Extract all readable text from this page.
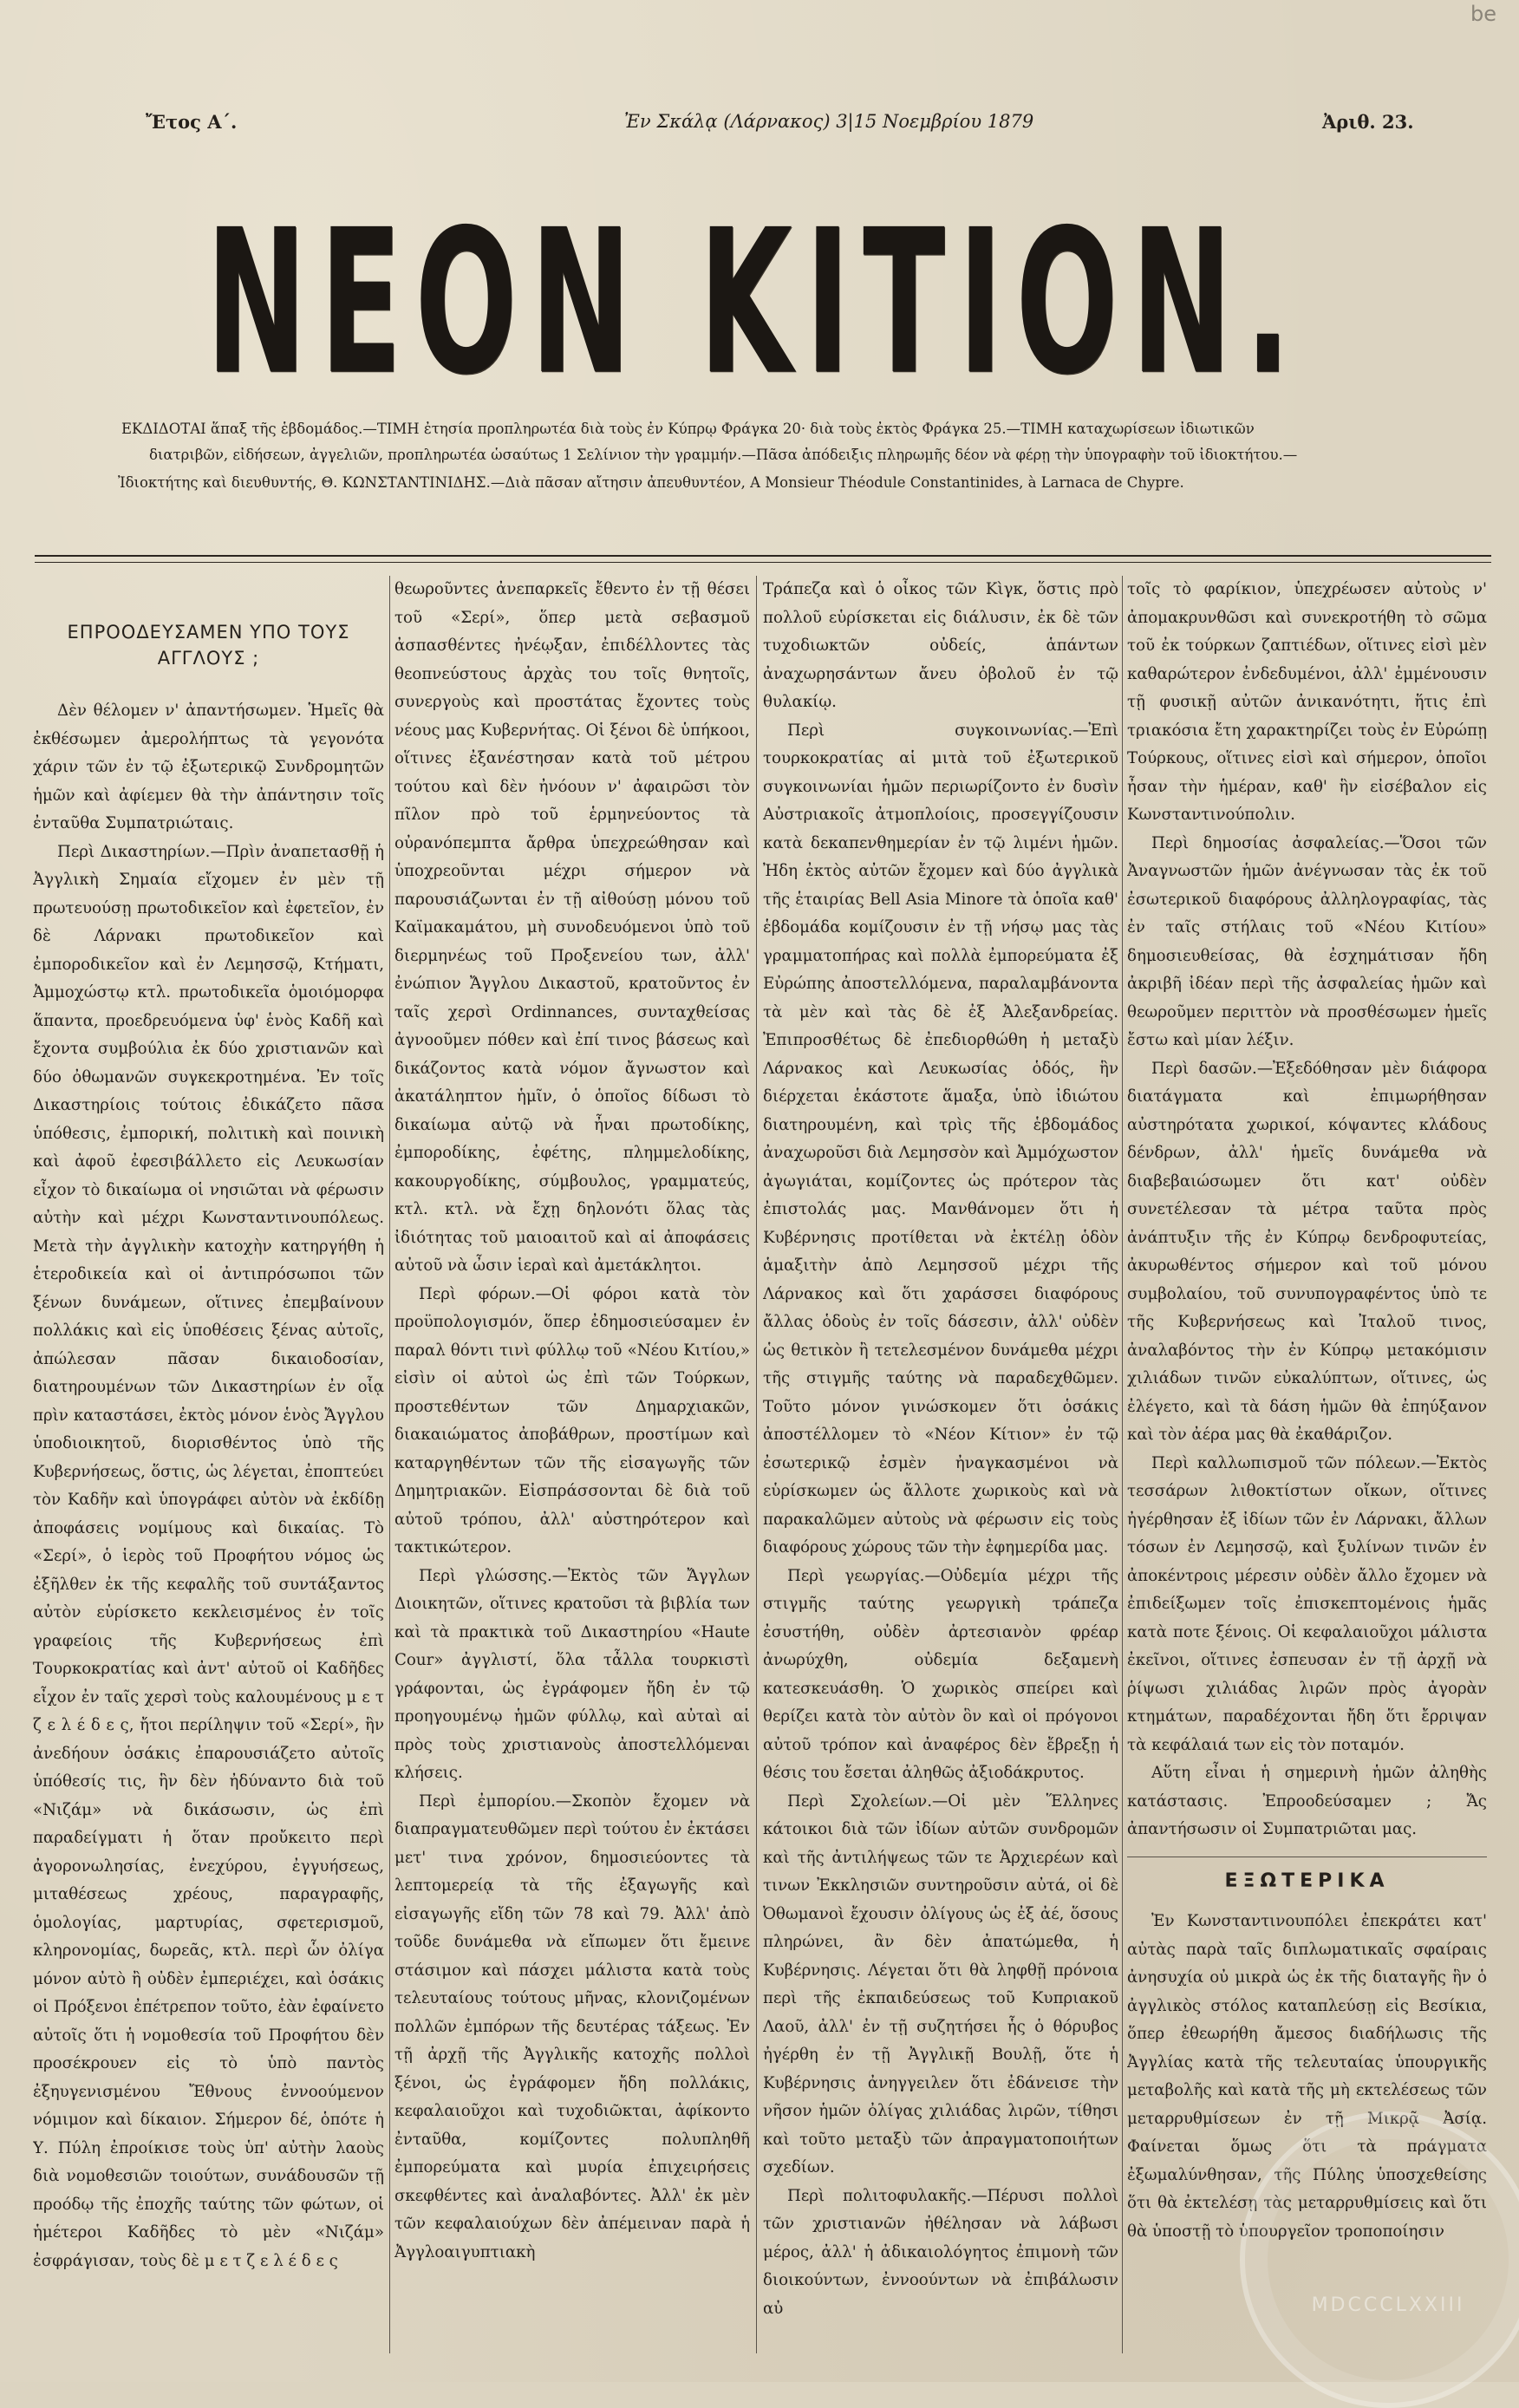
be
Ἔτος Α΄.	Ἐν Σκάλᾳ (Λάρνακος) 3|15 Νοεμβρίου 1879	Ἀριθ. 23.
ΝΕΟΝ ΚΙΤΙΟΝ.
ΕΚΔΙΔΟΤΑΙ ἅπαξ τῆς ἑβδομάδος.—ΤΙΜΗ ἐτησία προπληρωτέα διὰ τοὺς ἐν Κύπρῳ Φράγκα 20· διὰ τοὺς ἐκτὸς Φράγκα 25.—ΤΙΜΗ καταχωρίσεων ἰδιωτικῶν
διατριβῶν, εἰδήσεων, ἀγγελιῶν, προπληρωτέα ὡσαύτως 1 Σελίνιον τὴν γραμμήν.—Πᾶσα ἀπόδειξις πληρωμῆς δέον νὰ φέρῃ τὴν ὑπογραφὴν τοῦ ἰδιοκτήτου.—
Ἰδιοκτήτης καὶ διευθυντής, Θ. ΚΩΝΣΤΑΝΤΙΝΙΔΗΣ.—Διὰ πᾶσαν αἴτησιν ἀπευθυντέον, A Monsieur Théodule Constantinides, à Larnaca de Chypre.
ΕΠΡΟΟΔΕΥΣΑΜΕΝ ΥΠΟ ΤΟΥΣ ΑΓΓΛΟΥΣ ;

Δὲν θέλομεν ν' ἀπαντήσωμεν. Ἡμεῖς θὰ ἐκθέσωμεν ἀμερολήπτως τὰ γεγονότα χάριν τῶν ἐν τῷ ἐξωτερικῷ Συνδρομητῶν ἡμῶν καὶ ἀφίεμεν θὰ τὴν ἀπάντησιν τοῖς ἐνταῦθα Συμπατριώταις.

Περὶ Δικαστηρίων.—Πρὶν ἀναπετασθῇ ἡ Ἀγγλικὴ Σημαία εἴχομεν ἐν μὲν τῇ πρωτευούσῃ πρωτοδικεῖον καὶ ἐφετεῖον, ἐν δὲ Λάρνακι πρωτοδικεῖον καὶ ἐμποροδικεῖον καὶ ἐν Λεμησσῷ, Κτήματι, Ἀμμοχώστῳ κτλ. πρωτοδικεῖα ὁμοιόμορφα ἅπαντα, προεδρευόμενα ὑφ' ἑνὸς Καδῆ καὶ ἔχοντα συμβούλια ἐκ δύο χριστιανῶν καὶ δύο ὀθωμανῶν συγκεκροτημένα. Ἐν τοῖς Δικαστηρίοις τούτοις ἐδικάζετο πᾶσα ὑπόθεσις, ἐμπορική, πολιτικὴ καὶ ποινικὴ καὶ ἀφοῦ ἐφεσιβάλλετο εἰς Λευκωσίαν εἶχον τὸ δικαίωμα οἱ νησιῶται νὰ φέρωσιν αὐτὴν καὶ μέχρι Κωνσταντινουπόλεως. Μετὰ τὴν ἀγγλικὴν κατοχὴν κατηργήθη ἡ ἑτεροδικεία καὶ οἱ ἀντιπρόσωποι τῶν ξένων δυνάμεων, οἵτινες ἐπεμβαίνουν πολλάκις καὶ εἰς ὑποθέσεις ξένας αὐτοῖς, ἀπώλεσαν πᾶσαν δικαιοδοσίαν, διατηρουμένων τῶν Δικαστηρίων ἐν οἷᾳ πρὶν καταστάσει, ἐκτὸς μόνον ἑνὸς Ἄγγλου ὑποδιοικητοῦ, διορισθέντος ὑπὸ τῆς Κυβερνήσεως, ὅστις, ὡς λέγεται, ἐποπτεύει τὸν Καδῆν καὶ ὑπογράφει αὐτὸν νὰ ἐκδίδῃ ἀποφάσεις νομίμους καὶ δικαίας. Τὸ «Σερί», ὁ ἱερὸς τοῦ Προφήτου νόμος ὡς ἐξῆλθεν ἐκ τῆς κεφαλῆς τοῦ συντάξαντος αὐτὸν εὑρίσκετο κεκλεισμένος ἐν τοῖς γραφείοις τῆς Κυβερνήσεως ἐπὶ Τουρκοκρατίας καὶ ἀντ' αὐτοῦ οἱ Καδῆδες εἶχον ἐν ταῖς χερσὶ τοὺς καλουμένους μ ε τ ζ ε λ έ δ ε ς, ἤτοι περίληψιν τοῦ «Σερί», ἣν ἀνεδήουν ὁσάκις ἐπαρουσιάζετο αὐτοῖς ὑπόθεσίς τις, ἣν δὲν ἠδύναντο διὰ τοῦ «Νιζάμ» νὰ δικάσωσιν, ὡς ἐπὶ παραδείγματι ἡ ὅταν προὔκειτο περὶ ἀγορονωλησίας, ἐνεχύρου, ἐγγυήσεως, μιταθέσεως χρέους, παραγραφῆς, ὁμολογίας, μαρτυρίας, σφετερισμοῦ, κληρονομίας, δωρεᾶς, κτλ. περὶ ὧν ὀλίγα μόνον αὐτὸ ἢ οὐδὲν ἐμπεριέχει, καὶ ὁσάκις οἱ Πρόξενοι ἐπέτρεπον τοῦτο, ἐὰν ἐφαίνετο αὐτοῖς ὅτι ἡ νομοθεσία τοῦ Προφήτου δὲν προσέκρουεν εἰς τὸ ὑπὸ παντὸς ἐξηυγενισμένου Ἔθνους ἐννοούμενον νόμιμον καὶ δίκαιον. Σήμερον δέ, ὁπότε ἡ Υ. Πύλη ἐπροίκισε τοὺς ὑπ' αὐτὴν λαοὺς διὰ νομοθεσιῶν τοιούτων, συνάδουσῶν τῇ προόδῳ τῆς ἐποχῆς ταύτης τῶν φώτων, οἱ ἡμέτεροι Καδῆδες τὸ μὲν «Νιζάμ» ἐσφράγισαν, τοὺς δὲ μ ε τ ζ ε λ έ δ ε ς

θεωροῦντες ἀνεπαρκεῖς ἔθεντο ἐν τῇ θέσει τοῦ «Σερί», ὅπερ μετὰ σεβασμοῦ ἀσπασθέντες ἠνέῳξαν, ἐπιδέλλοντες τὰς θεοπνεύστους ἀρχὰς του τοῖς θνητοῖς, συνεργοὺς καὶ προστάτας ἔχοντες τοὺς νέους μας Κυβερνήτας. Οἱ ξένοι δὲ ὑπήκοοι, οἵτινες ἐξανέστησαν κατὰ τοῦ μέτρου τούτου καὶ δὲν ἠνόουν ν' ἀφαιρῶσι τὸν πῖλον πρὸ τοῦ ἑρμηνεύοντος τὰ οὐρανόπεμπτα ἄρθρα ὑπεχρεώθησαν καὶ ὑποχρεοῦνται μέχρι σήμερον νὰ παρουσιάζωνται ἐν τῇ αἰθούσῃ μόνου τοῦ Καϊμακαμάτου, μὴ συνοδευόμενοι ὑπὸ τοῦ διερμηνέως τοῦ Προξενείου των, ἀλλ' ἐνώπιον Ἄγγλου Δικαστοῦ, κρατοῦντος ἐν ταῖς χερσὶ Ordinnances, συνταχθείσας ἀγνοοῦμεν πόθεν καὶ ἐπί τινος βάσεως καὶ δικάζοντος κατὰ νόμον ἄγνωστον καὶ ἀκατάληπτον ἡμῖν, ὁ ὁποῖος δίδωσι τὸ δικαίωμα αὐτῷ νὰ ἦναι πρωτοδίκης, ἐμποροδίκης, ἐφέτης, πλημμελοδίκης, κακουργοδίκης, σύμβουλος, γραμματεύς, κτλ. κτλ. νὰ ἔχῃ δηλονότι ὅλας τὰς ἰδιότητας τοῦ μαιοαιτοῦ καὶ αἱ ἀποφάσεις αὐτοῦ νὰ ὦσιν ἱεραὶ καὶ ἀμετάκλητοι.

Περὶ φόρων.—Οἱ φόροι κατὰ τὸν προϋπολογισμόν, ὅπερ ἐδημοσιεύσαμεν ἐν παραλ θόντι τινὶ φύλλῳ τοῦ «Νέου Κιτίου,» εἰσὶν οἱ αὐτοὶ ὡς ἐπὶ τῶν Τούρκων, προστεθέντων τῶν Δημαρχιακῶν, διακαιώματος ἀποβάθρων, προστίμων καὶ καταργηθέντων τῶν τῆς εἰσαγωγῆς τῶν Δημητριακῶν. Εἰσπράσσονται δὲ διὰ τοῦ αὐτοῦ τρόπου, ἀλλ' αὐστηρότερον καὶ τακτικώτερον.

Περὶ γλώσσης.—Ἐκτὸς τῶν Ἄγγλων Διοικητῶν, οἵτινες κρατοῦσι τὰ βιβλία των καὶ τὰ πρακτικὰ τοῦ Δικαστηρίου «Haute Cour» ἀγγλιστί, ὅλα τἆλλα τουρκιστὶ γράφονται, ὡς ἐγράφομεν ἤδη ἐν τῷ προηγουμένῳ ἡμῶν φύλλῳ, καὶ αὐταὶ αἱ πρὸς τοὺς χριστιανοὺς ἀποστελλόμεναι κλήσεις.

Περὶ ἐμπορίου.—Σκοπὸν ἔχομεν νὰ διαπραγματευθῶμεν περὶ τούτου ἐν ἐκτάσει μετ' τινα χρόνον, δημοσιεύοντες τὰ λεπτομερείᾳ τὰ τῆς ἐξαγωγῆς καὶ εἰσαγωγῆς εἴδη τῶν 78 καὶ 79. Ἀλλ' ἀπὸ τοῦδε δυνάμεθα νὰ εἴπωμεν ὅτι ἔμεινε στάσιμον καὶ πάσχει μάλιστα κατὰ τοὺς τελευταίους τούτους μῆνας, κλονιζομένων πολλῶν ἐμπόρων τῆς δευτέρας τάξεως. Ἐν τῇ ἀρχῇ τῆς Ἀγγλικῆς κατοχῆς πολλοὶ ξένοι, ὡς ἐγράφομεν ἤδη πολλάκις, κεφαλαιοῦχοι καὶ τυχοδιῶκται, ἀφίκοντο ἐνταῦθα, κομίζοντες πολυπληθῆ ἐμπορεύματα καὶ μυρία ἐπιχειρήσεις σκεφθέντες καὶ ἀναλαβόντες. Ἀλλ' ἐκ μὲν τῶν κεφαλαιούχων δὲν ἀπέμειναν παρὰ ἡ Ἀγγλοαιγυπτιακὴ

Τράπεζα καὶ ὁ οἶκος τῶν Κὶγκ, ὅστις πρὸ πολλοῦ εὑρίσκεται εἰς διάλυσιν, ἐκ δὲ τῶν τυχοδιωκτῶν οὐδείς, ἁπάντων ἀναχωρησάντων ἄνευ ὀβολοῦ ἐν τῷ θυλακίῳ.

Περὶ συγκοινωνίας.—Ἐπὶ τουρκοκρατίας αἱ μιτὰ τοῦ ἐξωτερικοῦ συγκοινωνίαι ἡμῶν περιωρίζοντο ἐν δυσὶν Αὐστριακοῖς ἀτμοπλοίοις, προσεγγίζουσιν κατὰ δεκαπενθημερίαν ἐν τῷ λιμένι ἡμῶν. Ἠδη ἐκτὸς αὐτῶν ἔχομεν καὶ δύο ἀγγλικὰ τῆς ἑταιρίας Bell Asia Minore τὰ ὁποῖα καθ' ἑβδομάδα κομίζουσιν ἐν τῇ νήσῳ μας τὰς γραμματοπήρας καὶ πολλὰ ἐμπορεύματα ἐξ Εὐρώπης ἀποστελλόμενα, παραλαμβάνοντα τὰ μὲν καὶ τὰς δὲ ἐξ Ἀλεξανδρείας. Ἐπιπροσθέτως δὲ ἐπεδιορθώθη ἡ μεταξὺ Λάρνακος καὶ Λευκωσίας ὁδός, ἣν διέρχεται ἑκάστοτε ἅμαξα, ὑπὸ ἰδιώτου διατηρουμένη, καὶ τρὶς τῆς ἑβδομάδος ἀναχωροῦσι διὰ Λεμησσὸν καὶ Ἀμμόχωστον ἀγωγιάται, κομίζοντες ὡς πρότερον τὰς ἐπιστολάς μας. Μανθάνομεν ὅτι ἡ Κυβέρνησις προτίθεται νὰ ἐκτέλῃ ὁδὸν ἁμαξιτὴν ἀπὸ Λεμησσοῦ μέχρι τῆς Λάρνακος καὶ ὅτι χαράσσει διαφόρους ἄλλας ὁδοὺς ἐν τοῖς δάσεσιν, ἀλλ' οὐδὲν ὡς θετικὸν ἢ τετελεσμένον δυνάμεθα μέχρι τῆς στιγμῆς ταύτης νὰ παραδεχθῶμεν. Τοῦτο μόνον γινώσκομεν ὅτι ὁσάκις ἀποστέλλομεν τὸ «Νέον Κίτιον» ἐν τῷ ἐσωτερικῷ ἐσμὲν ἠναγκασμένοι νὰ εὑρίσκωμεν ὡς ἄλλοτε χωρικοὺς καὶ νὰ παρακαλῶμεν αὐτοὺς νὰ φέρωσιν εἰς τοὺς διαφόρους χώρους τῶν τὴν ἐφημερίδα μας.

Περὶ γεωργίας.—Οὐδεμία μέχρι τῆς στιγμῆς ταύτης γεωργικὴ τράπεζα ἐσυστήθη, οὐδὲν ἀρτεσιανὸν φρέαρ ἀνωρύχθη, οὐδεμία δεξαμενὴ κατεσκευάσθη. Ὁ χωρικὸς σπείρει καὶ θερίζει κατὰ τὸν αὐτὸν ὃν καὶ οἱ πρόγονοι αὐτοῦ τρόπον καὶ ἀναφέρος δὲν ἔβρεξῃ ἡ θέσις του ἔσεται ἀληθῶς ἀξιοδάκρυτος.

Περὶ Σχολείων.—Οἱ μὲν Ἕλληνες κάτοικοι διὰ τῶν ἰδίων αὐτῶν συνδρομῶν καὶ τῆς ἀντιλήψεως τῶν τε Ἀρχιερέων καὶ τινων Ἐκκλησιῶν συντηροῦσιν αὐτά, οἱ δὲ Ὀθωμανοὶ ἔχουσιν ὀλίγους ὡς ἐξ ἀέ, ὅσους πληρώνει, ἂν δὲν ἀπατώμεθα, ἡ Κυβέρνησις. Λέγεται ὅτι θὰ ληφθῇ πρόνοια περὶ τῆς ἐκπαιδεύσεως τοῦ Κυπριακοῦ Λαοῦ, ἀλλ' ἐν τῇ συζητήσει ἧς ὁ θόρυβος ἠγέρθη ἐν τῇ Ἀγγλικῇ Βουλῇ, ὅτε ἡ Κυβέρνησις ἀνηγγειλεν ὅτι ἐδάνεισε τὴν νῆσον ἡμῶν ὀλίγας χιλιάδας λιρῶν, τίθησι καὶ τοῦτο μεταξὺ τῶν ἀπραγματοποιήτων σχεδίων.

Περὶ πολιτοφυλακῆς.—Πέρυσι πολλοὶ τῶν χριστιανῶν ἠθέλησαν νὰ λάβωσι μέρος, ἀλλ' ἡ ἀδικαιολόγητος ἐπιμονὴ τῶν διοικούντων, ἐννοούντων νὰ ἐπιβάλωσιν αὐ

τοῖς τὸ φαρίκιον, ὑπεχρέωσεν αὐτοὺς ν' ἀπομακρυνθῶσι καὶ συνεκροτήθη τὸ σῶμα τοῦ ἐκ τούρκων ζαπτιέδων, οἵτινες εἰσὶ μὲν καθαρώτερον ἐνδεδυμένοι, ἀλλ' ἐμμένουσιν τῇ φυσικῇ αὐτῶν ἀνικανότητι, ἥτις ἐπὶ τριακόσια ἔτη χαρακτηρίζει τοὺς ἐν Εὐρώπῃ Τούρκους, οἵτινες εἰσὶ καὶ σήμερον, ὁποῖοι ἦσαν τὴν ἡμέραν, καθ' ἣν εἰσέβαλον εἰς Κωνσταντινούπολιν.

Περὶ δημοσίας ἀσφαλείας.—Ὅσοι τῶν Ἀναγνωστῶν ἡμῶν ἀνέγνωσαν τὰς ἐκ τοῦ ἐσωτερικοῦ διαφόρους ἀλληλογραφίας, τὰς ἐν ταῖς στήλαις τοῦ «Νέου Κιτίου» δημοσιευθείσας, θὰ ἐσχημάτισαν ἤδη ἀκριβῆ ἰδέαν περὶ τῆς ἀσφαλείας ἡμῶν καὶ θεωροῦμεν περιττὸν νὰ προσθέσωμεν ἡμεῖς ἔστω καὶ μίαν λέξιν.

Περὶ δασῶν.—Ἐξεδόθησαν μὲν διάφορα διατάγματα καὶ ἐπιμωρήθησαν αὐστηρότατα χωρικοί, κόψαντες κλάδους δένδρων, ἀλλ' ἡμεῖς δυνάμεθα νὰ διαβεβαιώσωμεν ὅτι κατ' οὐδὲν συνετέλεσαν τὰ μέτρα ταῦτα πρὸς ἀνάπτυξιν τῆς ἐν Κύπρῳ δενδροφυτείας, ἀκυρωθέντος σήμερον καὶ τοῦ μόνου συμβολαίου, τοῦ συνυπογραφέντος ὑπὸ τε τῆς Κυβερνήσεως καὶ Ἰταλοῦ τινος, ἀναλαβόντος τὴν ἐν Κύπρῳ μετακόμισιν χιλιάδων τινῶν εὐκαλύπτων, οἵτινες, ὡς ἐλέγετο, καὶ τὰ δάση ἡμῶν θὰ ἐπηύξανον καὶ τὸν ἀέρα μας θὰ ἐκαθάριζον.

Περὶ καλλωπισμοῦ τῶν πόλεων.—Ἐκτὸς τεσσάρων λιθοκτίστων οἴκων, οἵτινες ἠγέρθησαν ἐξ ἰδίων τῶν ἐν Λάρνακι, ἄλλων τόσων ἐν Λεμησσῷ, καὶ ξυλίνων τινῶν ἐν ἀποκέντροις μέρεσιν οὐδὲν ἄλλο ἔχομεν νὰ ἐπιδείξωμεν τοῖς ἐπισκεπτομένοις ἡμᾶς κατὰ ποτε ξένοις. Οἱ κεφαλαιοῦχοι μάλιστα ἐκεῖνοι, οἵτινες ἐσπευσαν ἐν τῇ ἀρχῇ νὰ ῥίψωσι χιλιάδας λιρῶν πρὸς ἀγορὰν κτημάτων, παραδέχονται ἤδη ὅτι ἔρριψαν τὰ κεφάλαιά των εἰς τὸν ποταμόν.

Αὕτη εἶναι ἡ σημερινὴ ἡμῶν ἀληθὴς κατάστασις. Ἐπροοδεύσαμεν ; Ἄς ἀπαντήσωσιν οἱ Συμπατριῶται μας.

ΕΞΩΤΕΡΙΚΑ

Ἐν Κωνσταντινουπόλει ἐπεκράτει κατ' αὐτὰς παρὰ ταῖς διπλωματικαῖς σφαίραις ἀνησυχία οὐ μικρὰ ὡς ἐκ τῆς διαταγῆς ἣν ὁ ἀγγλικὸς στόλος καταπλεύσῃ εἰς Βεσίκια, ὅπερ ἐθεωρήθη ἄμεσος διαδήλωσις τῆς Ἀγγλίας κατὰ τῆς τελευταίας ὑπουργικῆς μεταβολῆς καὶ κατὰ τῆς μὴ εκτελέσεως τῶν μεταρρυθμίσεων ἐν τῇ Μικρᾷ Ἀσίᾳ. Φαίνεται ὅμως ὅτι τὰ πράγματα ἐξωμαλύνθησαν, τῆς Πύλης ὑποσχεθείσης ὅτι θὰ ἐκτελέσῃ τὰς μεταρρυθμίσεις καὶ ὅτι θὰ ὑποστῇ τὸ ὑπουργεῖον τροποποίησιν

MDCCCLXXIII
